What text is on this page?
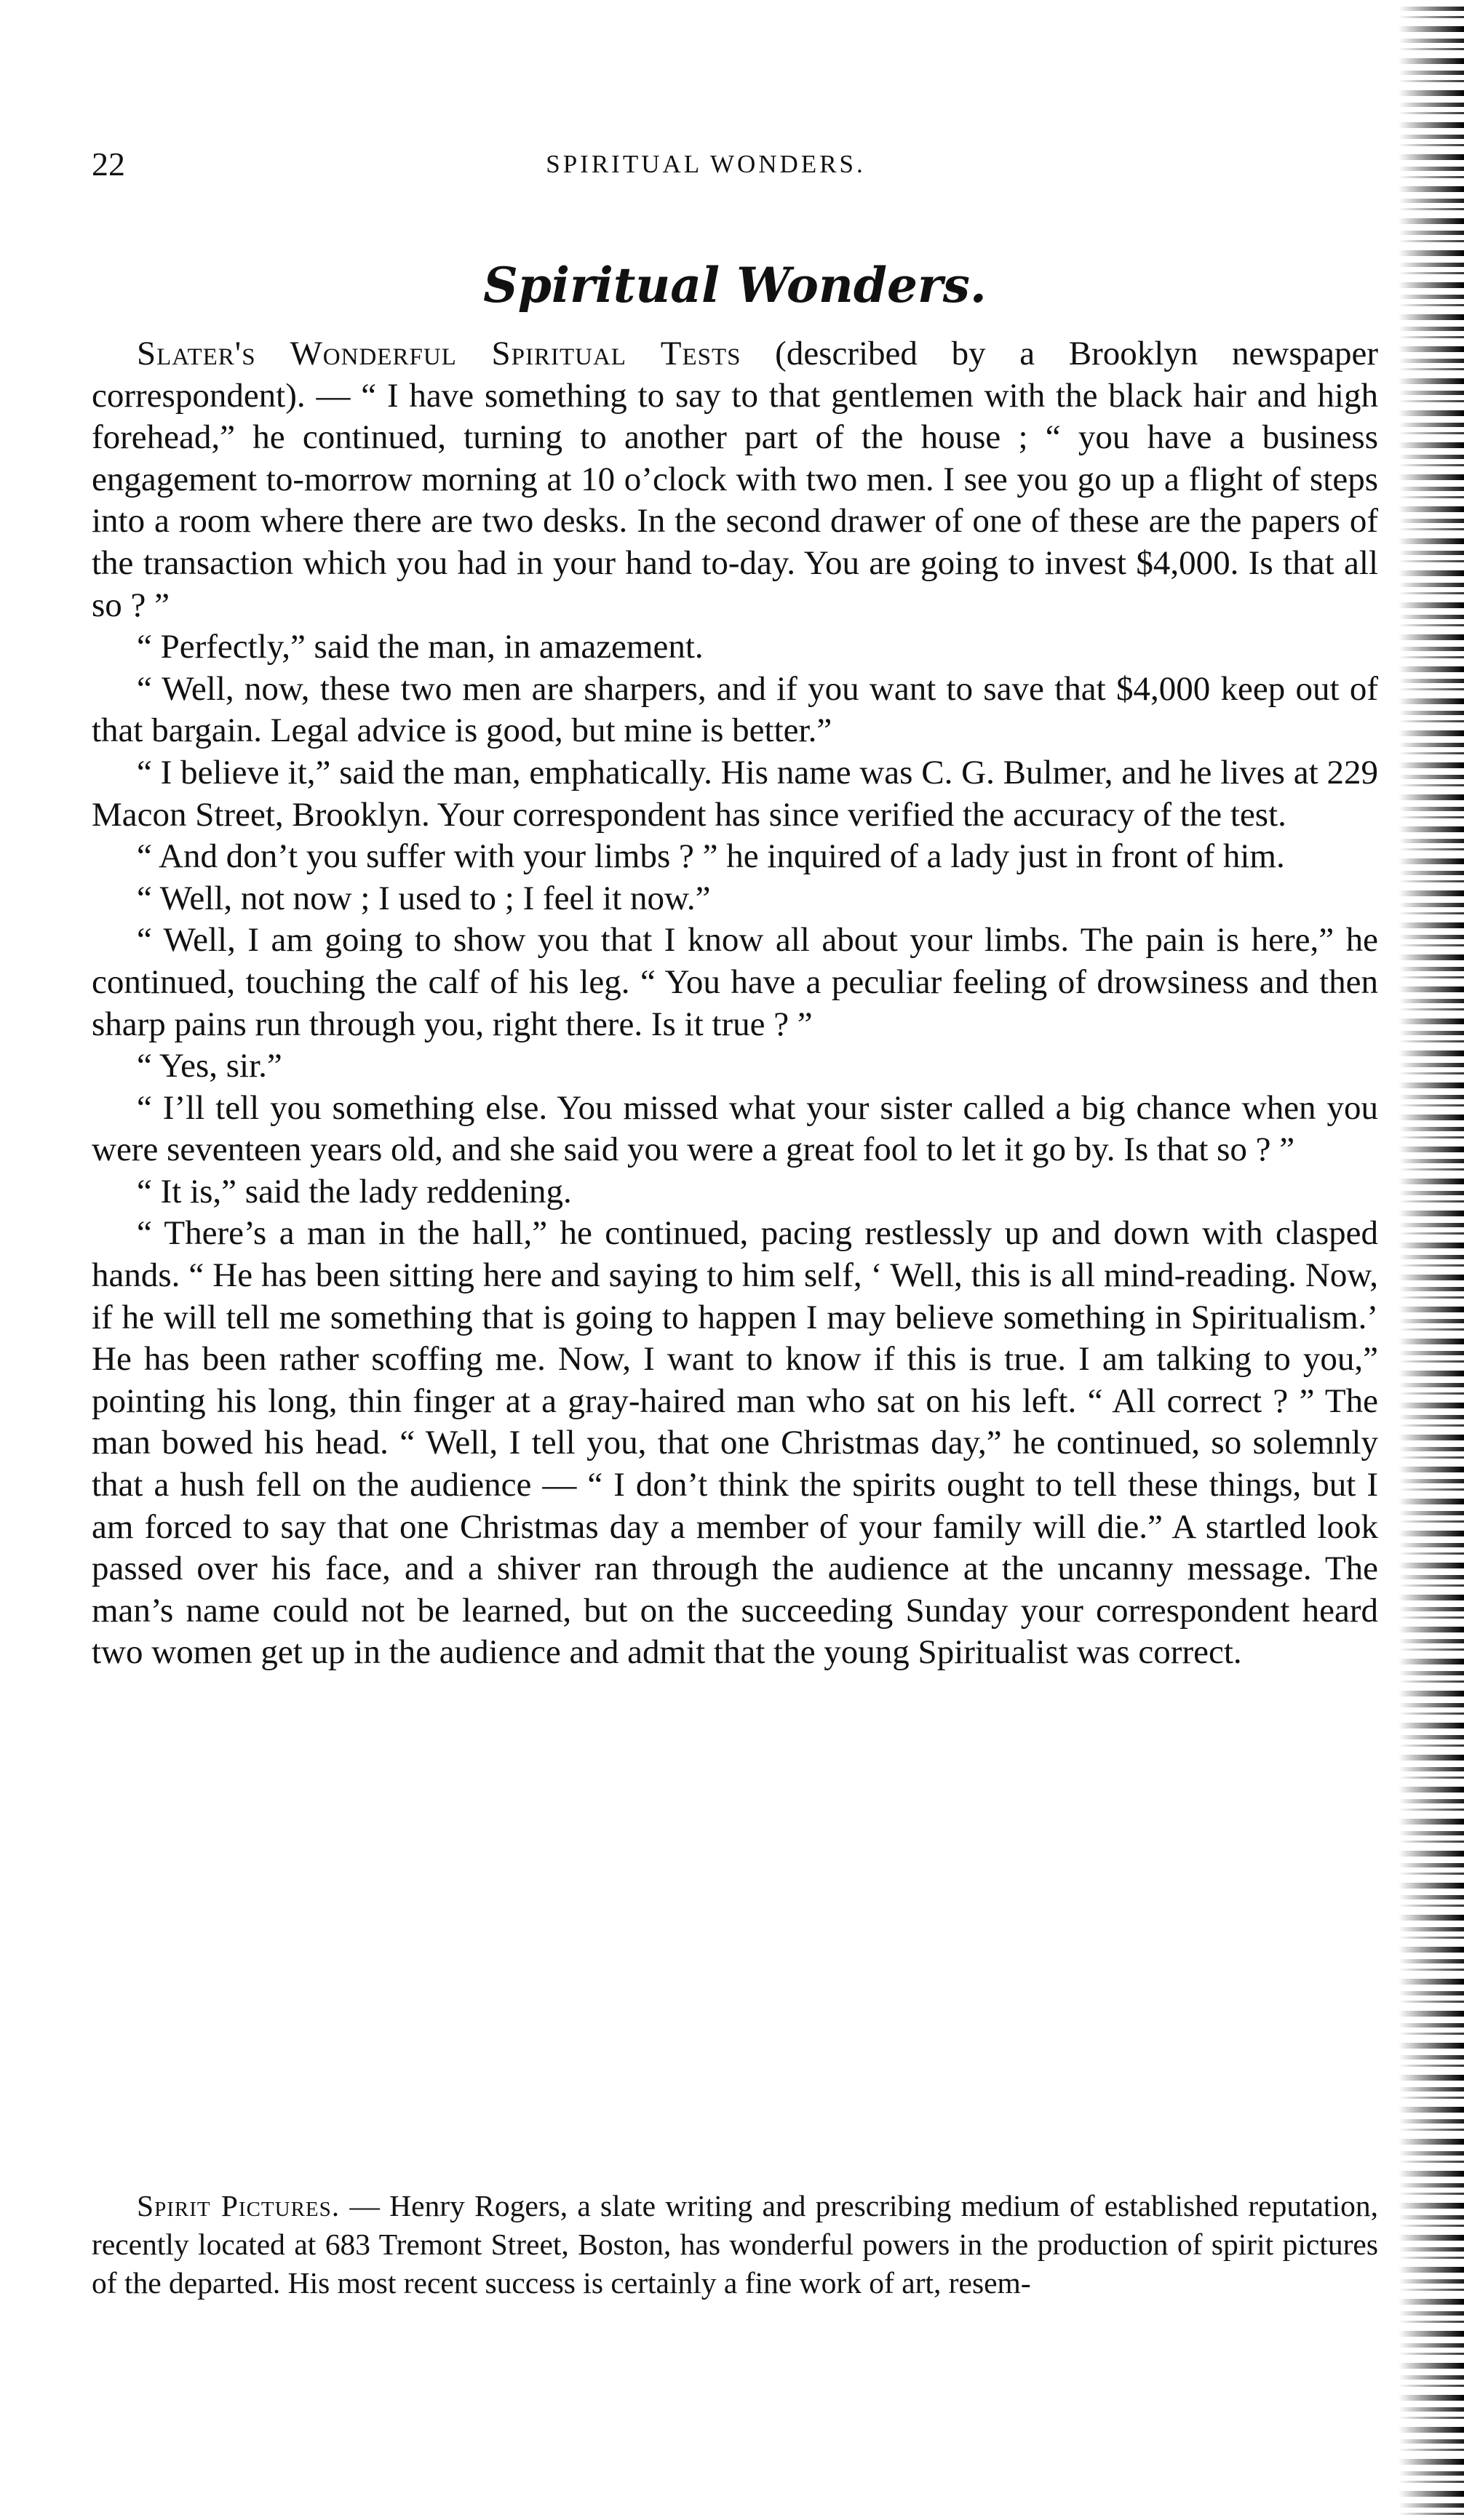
22	SPIRITUAL WONDERS.
Spiritual Wonders.

Slater's Wonderful Spiritual Tests (described by a Brooklyn newspaper correspondent). — “ I have something to say to that gentlemen with the black hair and high forehead,” he continued, turning to another part of the house ; “ you have a business engagement to-morrow morning at 10 o’clock with two men. I see you go up a flight of steps into a room where there are two desks. In the second drawer of one of these are the papers of the transaction which you had in your hand to-day. You are going to invest $4,000. Is that all so ? ”

“ Perfectly,” said the man, in amazement.

“ Well, now, these two men are sharpers, and if you want to save that $4,000 keep out of that bargain. Legal advice is good, but mine is better.”

“ I believe it,” said the man, emphatically. His name was C. G. Bulmer, and he lives at 229 Macon Street, Brooklyn. Your correspondent has since verified the accuracy of the test.

“ And don’t you suffer with your limbs ? ” he inquired of a lady just in front of him.

“ Well, not now ; I used to ; I feel it now.”

“ Well, I am going to show you that I know all about your limbs. The pain is here,” he continued, touching the calf of his leg. “ You have a peculiar feeling of drowsiness and then sharp pains run through you, right there. Is it true ? ”

“ Yes, sir.”

“ I’ll tell you something else. You missed what your sister called a big chance when you were seventeen years old, and she said you were a great fool to let it go by. Is that so ? ”

“ It is,” said the lady reddening.

“ There’s a man in the hall,” he continued, pacing restlessly up and down with clasped hands. “ He has been sitting here and saying to him self, ‘ Well, this is all mind-reading. Now, if he will tell me something that is going to happen I may believe something in Spiritualism.’ He has been rather scoffing me. Now, I want to know if this is true. I am talking to you,” pointing his long, thin finger at a gray-haired man who sat on his left. “ All correct ? ” The man bowed his head. “ Well, I tell you, that one Christmas day,” he continued, so solemnly that a hush fell on the audience — “ I don’t think the spirits ought to tell these things, but I am forced to say that one Christmas day a member of your family will die.” A startled look passed over his face, and a shiver ran through the audience at the uncanny message. The man’s name could not be learned, but on the succeeding Sunday your correspondent heard two women get up in the audience and admit that the young Spiritualist was correct.

Spirit Pictures. — Henry Rogers, a slate writing and prescribing medium of established reputation, recently located at 683 Tremont Street, Boston, has wonderful powers in the production of spirit pictures of the departed. His most recent success is certainly a fine work of art, resem-
